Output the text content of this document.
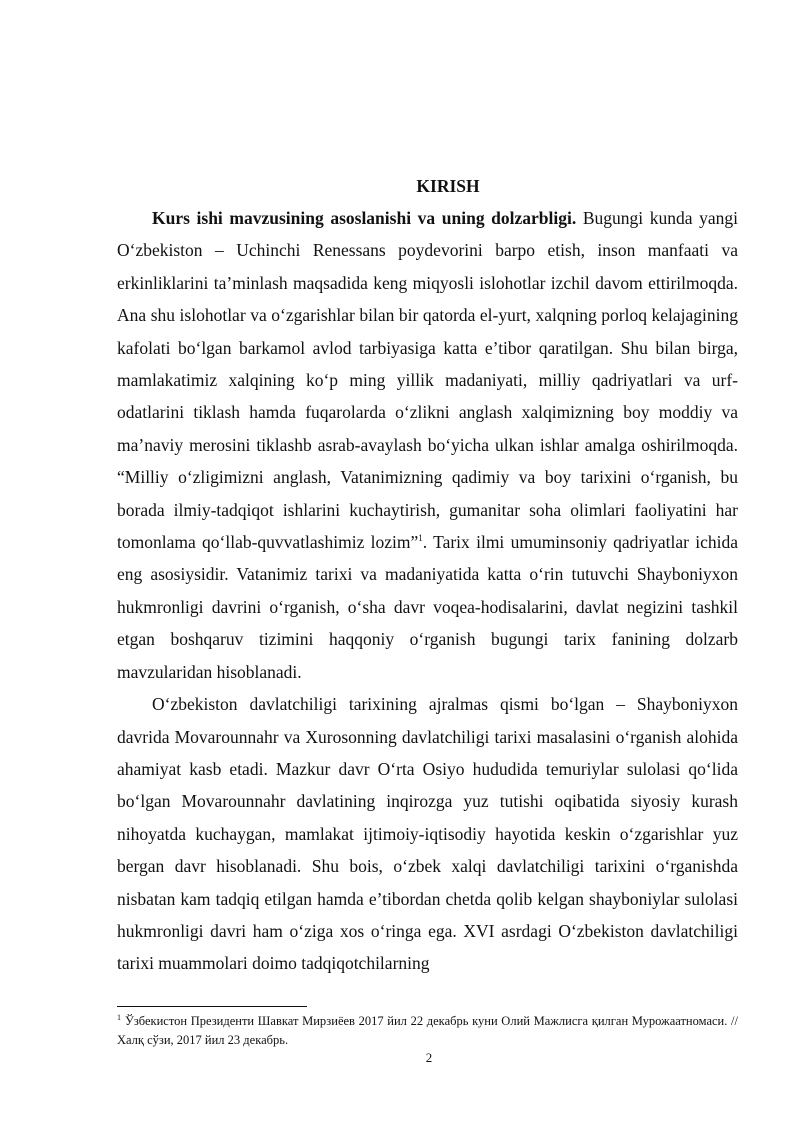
KIRISH

Kurs ishi mavzusining asoslanishi va uning dolzarbligi. Bugungi kunda yangi O‘zbekiston – Uchinchi Renessans poydevorini barpo etish, inson manfaati va erkinliklarini ta’minlash maqsadida keng miqyosli islohotlar izchil davom ettirilmoqda. Ana shu islohotlar va o‘zgarishlar bilan bir qatorda el-yurt, xalqning porloq kelajagining kafolati bo‘lgan barkamol avlod tarbiyasiga katta e’tibor qaratilgan. Shu bilan birga, mamlakatimiz xalqining ko‘p ming yillik madaniyati, milliy qadriyatlari va urf-odatlarini tiklash hamda fuqarolarda o‘zlikni anglash xalqimizning boy moddiy va ma’naviy merosini tiklashb asrab-avaylash bo‘yicha ulkan ishlar amalga oshirilmoqda. “Milliy o‘zligimizni anglash, Vatanimizning qadimiy va boy tarixini o‘rganish, bu borada ilmiy-tadqiqot ishlarini kuchaytirish, gumanitar soha olimlari faoliyatini har tomonlama qo‘llab-quvvatlashimiz lozim”$^1$. Tarix ilmi umuminsoniy qadriyatlar ichida eng asosiysidir. Vatanimiz tarixi va madaniyatida katta o‘rin tutuvchi Shayboniyxon hukmronligi davrini o‘rganish, o‘sha davr voqea-hodisalarini, davlat negizini tashkil etgan boshqaruv tizimini haqqoniy o‘rganish bugungi tarix fanining dolzarb mavzularidan hisoblanadi.

O‘zbekiston davlatchiligi tarixining ajralmas qismi bo‘lgan – Shayboniyxon davrida Movarounnahr va Xurosonning davlatchiligi tarixi masalasini o‘rganish alohida ahamiyat kasb etadi. Mazkur davr O‘rta Osiyo hududida temuriylar sulolasi qo‘lida bo‘lgan Movarounnahr davlatining inqirozga yuz tutishi oqibatida siyosiy kurash nihoyatda kuchaygan, mamlakat ijtimoiy-iqtisodiy hayotida keskin o‘zgarishlar yuz bergan davr hisoblanadi. Shu bois, o‘zbek xalqi davlatchiligi tarixini o‘rganishda nisbatan kam tadqiq etilgan hamda e’tibordan chetda qolib kelgan shayboniylar sulolasi hukmronligi davri ham o‘ziga xos o‘ringa ega. XVI asrdagi O‘zbekiston davlatchiligi tarixi muammolari doimo tadqiqotchilarning

$^1$ Ўзбекистон Президенти Шавкат Мирзиёев 2017 йил 22 декабрь куни Олий Мажлисга қилган Мурожаатномаси. // Халқ сўзи, 2017 йил 23 декабрь.
2
